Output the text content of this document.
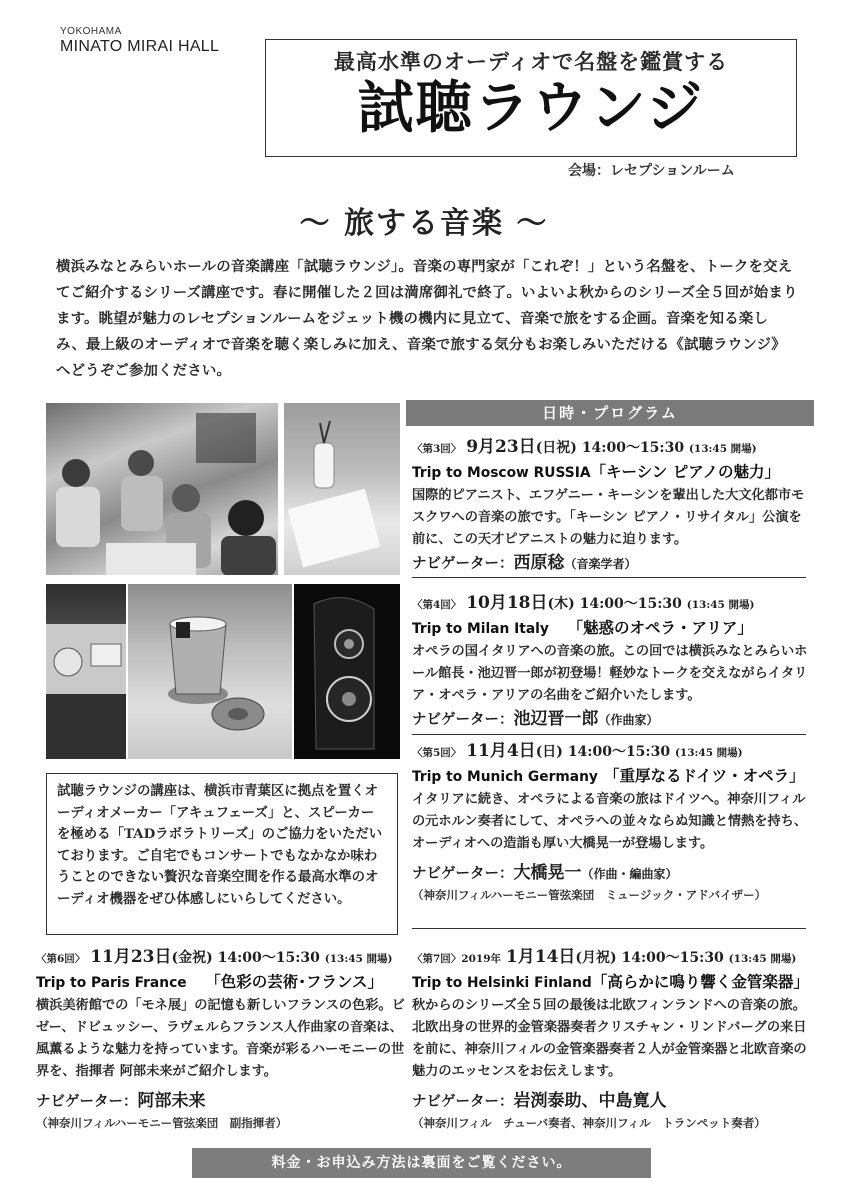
YOKOHAMA
MINATO MIRAI HALL
最高水準のオーディオで名盤を鑑賞する
試聴ラウンジ
会場：レセプションルーム
～ 旅する音楽 ～
横浜みなとみらいホールの音楽講座「試聴ラウンジ」。音楽の専門家が「これぞ！」という名盤を、トークを交えてご紹介するシリーズ講座です。春に開催した２回は満席御礼で終了。いよいよ秋からのシリーズ全５回が始まります。眺望が魅力のレセプションルームをジェット機の機内に見立て、音楽で旅をする企画。音楽を知る楽しみ、最上級のオーディオで音楽を聴く楽しみに加え、音楽で旅する気分もお楽しみいただける《試聴ラウンジ》へどうぞご参加ください。
日時・プログラム
〈第3回〉 9月23日(日祝) 14:00～15:30 (13:45 開場)
Trip to Moscow RUSSIA「キーシン ピアノの魅力」
国際的ピアニスト、エフゲニー・キーシンを輩出した大文化都市モスクワへの音楽の旅です。「キーシン ピアノ・リサイタル」公演を前に、この天才ピアニストの魅力に迫ります。
ナビゲーター：西原稔（音楽学者）
〈第4回〉 10月18日(木) 14:00～15:30 (13:45 開場)
Trip to Milan Italy　 「魅惑のオペラ・アリア」
オペラの国イタリアへの音楽の旅。この回では横浜みなとみらいホール館長・池辺晋一郎が初登場！軽妙なトークを交えながらイタリア・オペラ・アリアの名曲をご紹介いたします。
ナビゲーター：池辺晋一郎（作曲家）
〈第5回〉 11月4日(日) 14:00～15:30 (13:45 開場)
Trip to Munich Germany　 「重厚なるドイツ・オペラ」
イタリアに続き、オペラによる音楽の旅はドイツへ。神奈川フィルの元ホルン奏者にして、オペラへの並々ならぬ知識と情熱を持ち、オーディオへの造詣も厚い大橋晃一が登場します。
ナビゲーター：大橋晃一（作曲・編曲家）
（神奈川フィルハーモニー管弦楽団　ミュージック・アドバイザー）
試聴ラウンジの講座は、横浜市青葉区に拠点を置くオーディオメーカー「アキュフェーズ」と、スピーカーを極める「TADラボラトリーズ」のご協力をいただいております。ご自宅でもコンサートでもなかなか味わうことのできない贅沢な音楽空間を作る最高水準のオーディオ機器をぜひ体感しにいらしてください。
〈第6回〉 11月23日(金祝) 14:00～15:30 (13:45 開場)
Trip to Paris France　 「色彩の芸術･フランス」
横浜美術館での「モネ展」の記憶も新しいフランスの色彩。ビゼー、ドビュッシー、ラヴェルらフランス人作曲家の音楽は、風薫るような魅力を持っています。音楽が彩るハーモニーの世界を、指揮者 阿部未来がご紹介します。
ナビゲーター：阿部未来
（神奈川フィルハーモニー管弦楽団　副指揮者）
〈第7回〉2019年 1月14日(月祝) 14:00～15:30 (13:45 開場)
Trip to Helsinki Finland「高らかに鳴り響く金管楽器」
秋からのシリーズ全５回の最後は北欧フィンランドへの音楽の旅。北欧出身の世界的金管楽器奏者クリスチャン・リンドバーグの来日を前に、神奈川フィルの金管楽器奏者２人が金管楽器と北欧音楽の魅力のエッセンスをお伝えします。
ナビゲーター：岩渕泰助、中島寛人
（神奈川フィル　チューバ奏者、神奈川フィル　トランペット奏者）
料金・お申込み方法は裏面をご覧ください。
